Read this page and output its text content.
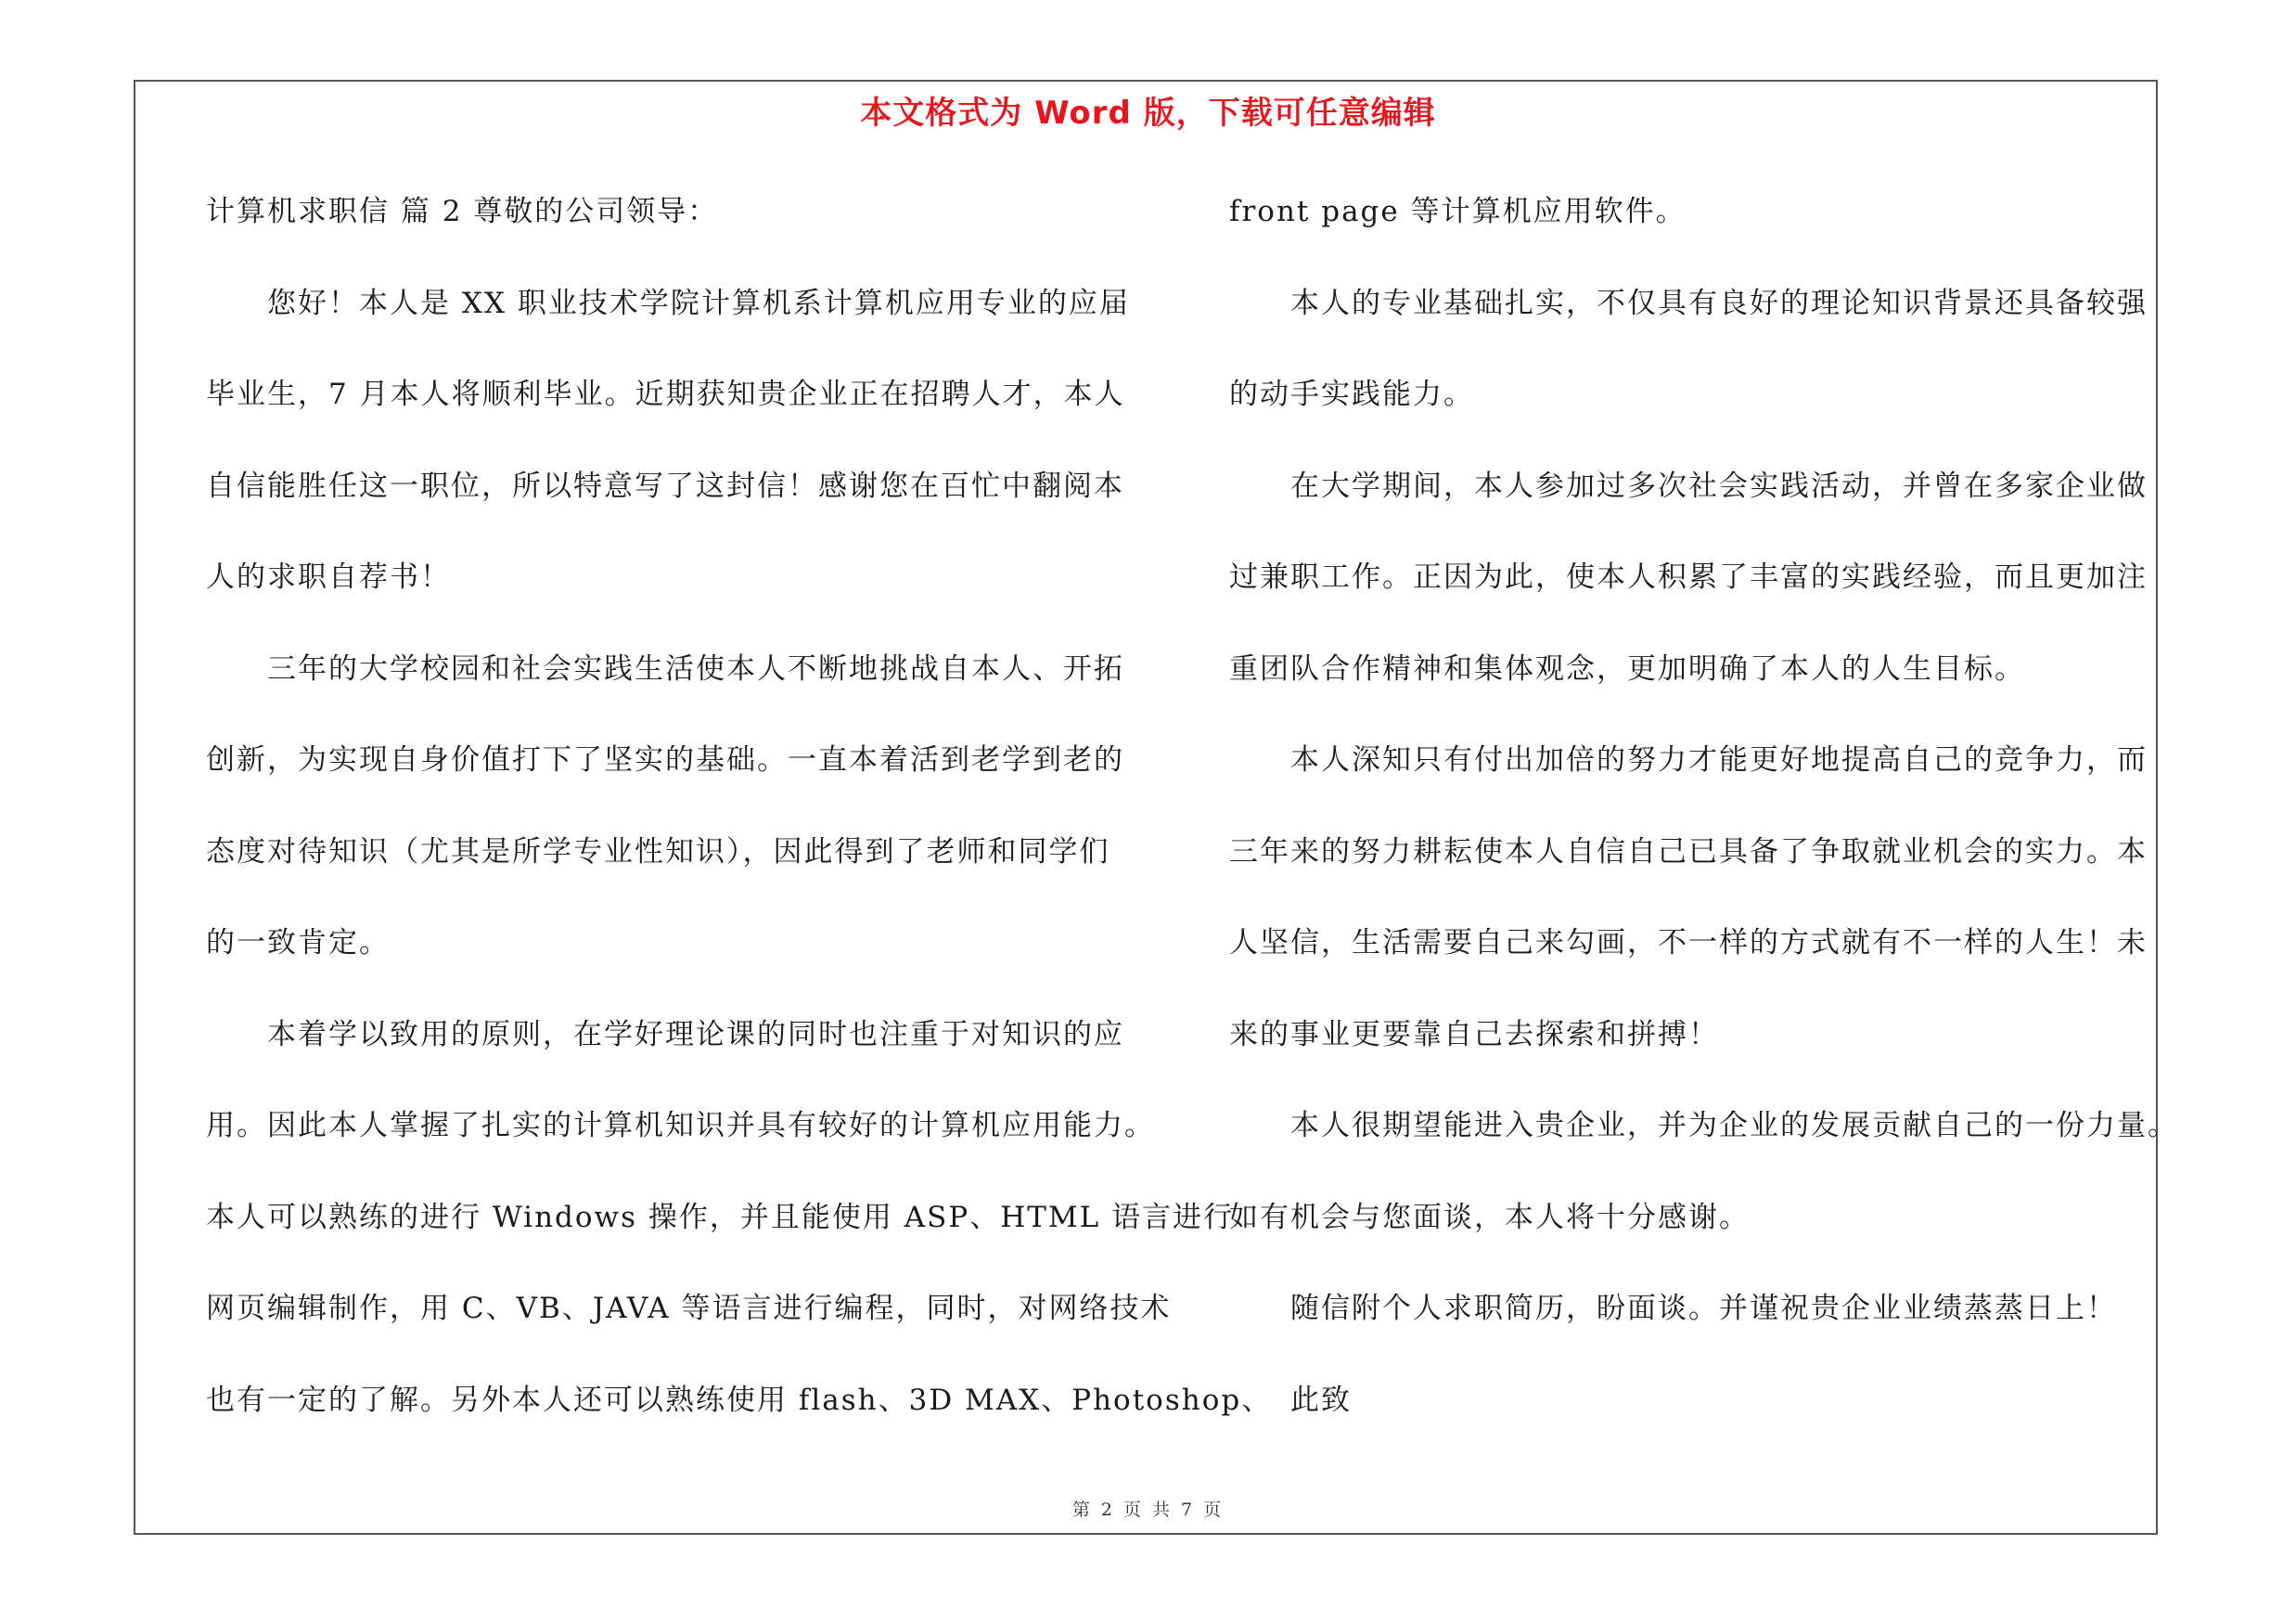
本文格式为 Word 版，下载可任意编辑
计算机求职信 篇 2 尊敬的公司领导：
您好！本人是 XX 职业技术学院计算机系计算机应用专业的应届
毕业生，7 月本人将顺利毕业。近期获知贵企业正在招聘人才，本人
自信能胜任这一职位，所以特意写了这封信！感谢您在百忙中翻阅本
人的求职自荐书！
三年的大学校园和社会实践生活使本人不断地挑战自本人、开拓
创新，为实现自身价值打下了坚实的基础。一直本着活到老学到老的
态度对待知识（尤其是所学专业性知识），因此得到了老师和同学们
的一致肯定。
本着学以致用的原则，在学好理论课的同时也注重于对知识的应
用。因此本人掌握了扎实的计算机知识并具有较好的计算机应用能力。
本人可以熟练的进行 Windows 操作，并且能使用 ASP、HTML 语言进行
网页编辑制作，用 C、VB、JAVA 等语言进行编程，同时，对网络技术
也有一定的了解。另外本人还可以熟练使用 flash、3D MAX、Photoshop、
front page 等计算机应用软件。
本人的专业基础扎实，不仅具有良好的理论知识背景还具备较强
的动手实践能力。
在大学期间，本人参加过多次社会实践活动，并曾在多家企业做
过兼职工作。正因为此，使本人积累了丰富的实践经验，而且更加注
重团队合作精神和集体观念，更加明确了本人的人生目标。
本人深知只有付出加倍的努力才能更好地提高自己的竞争力，而
三年来的努力耕耘使本人自信自己已具备了争取就业机会的实力。本
人坚信，生活需要自己来勾画，不一样的方式就有不一样的人生！未
来的事业更要靠自己去探索和拼搏！
本人很期望能进入贵企业，并为企业的发展贡献自己的一份力量。
如有机会与您面谈，本人将十分感谢。
随信附个人求职简历，盼面谈。并谨祝贵企业业绩蒸蒸日上！
此致
第 2 页 共 7 页
